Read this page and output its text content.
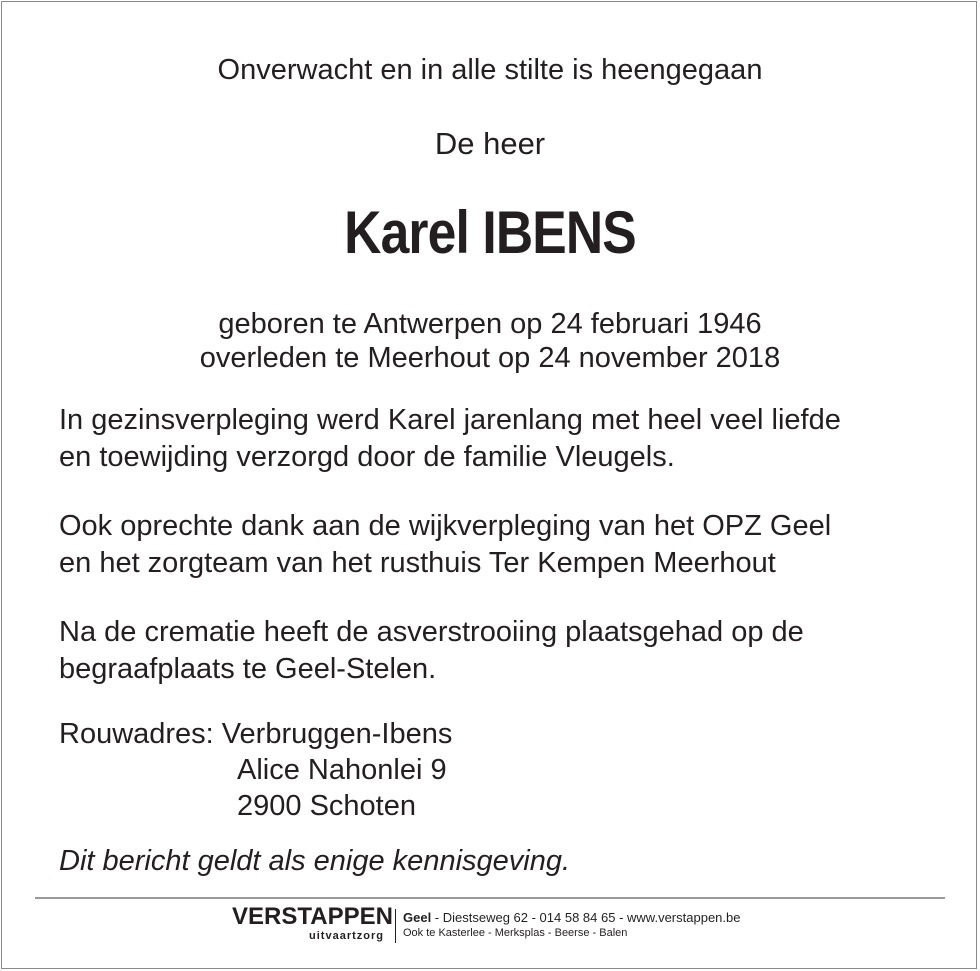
Onverwacht en in alle stilte is heengegaan
De heer
Karel IBENS
geboren te Antwerpen op 24 februari 1946
overleden te Meerhout op 24 november 2018
In gezinsverpleging werd Karel jarenlang met heel veel liefde
en toewijding verzorgd door de familie Vleugels.
Ook oprechte dank aan de wijkverpleging van het OPZ Geel
en het zorgteam van het rusthuis Ter Kempen Meerhout
Na de crematie heeft de asverstrooiing plaatsgehad op de
begraafplaats te Geel-Stelen.
Rouwadres: Verbruggen-Ibens
Alice Nahonlei 9
2900 Schoten
Dit bericht geldt als enige kennisgeving.
VERSTAPPEN
uitvaartzorg
Geel - Diestseweg 62 - 014 58 84 65 - www.verstappen.be
Ook te Kasterlee - Merksplas - Beerse - Balen
